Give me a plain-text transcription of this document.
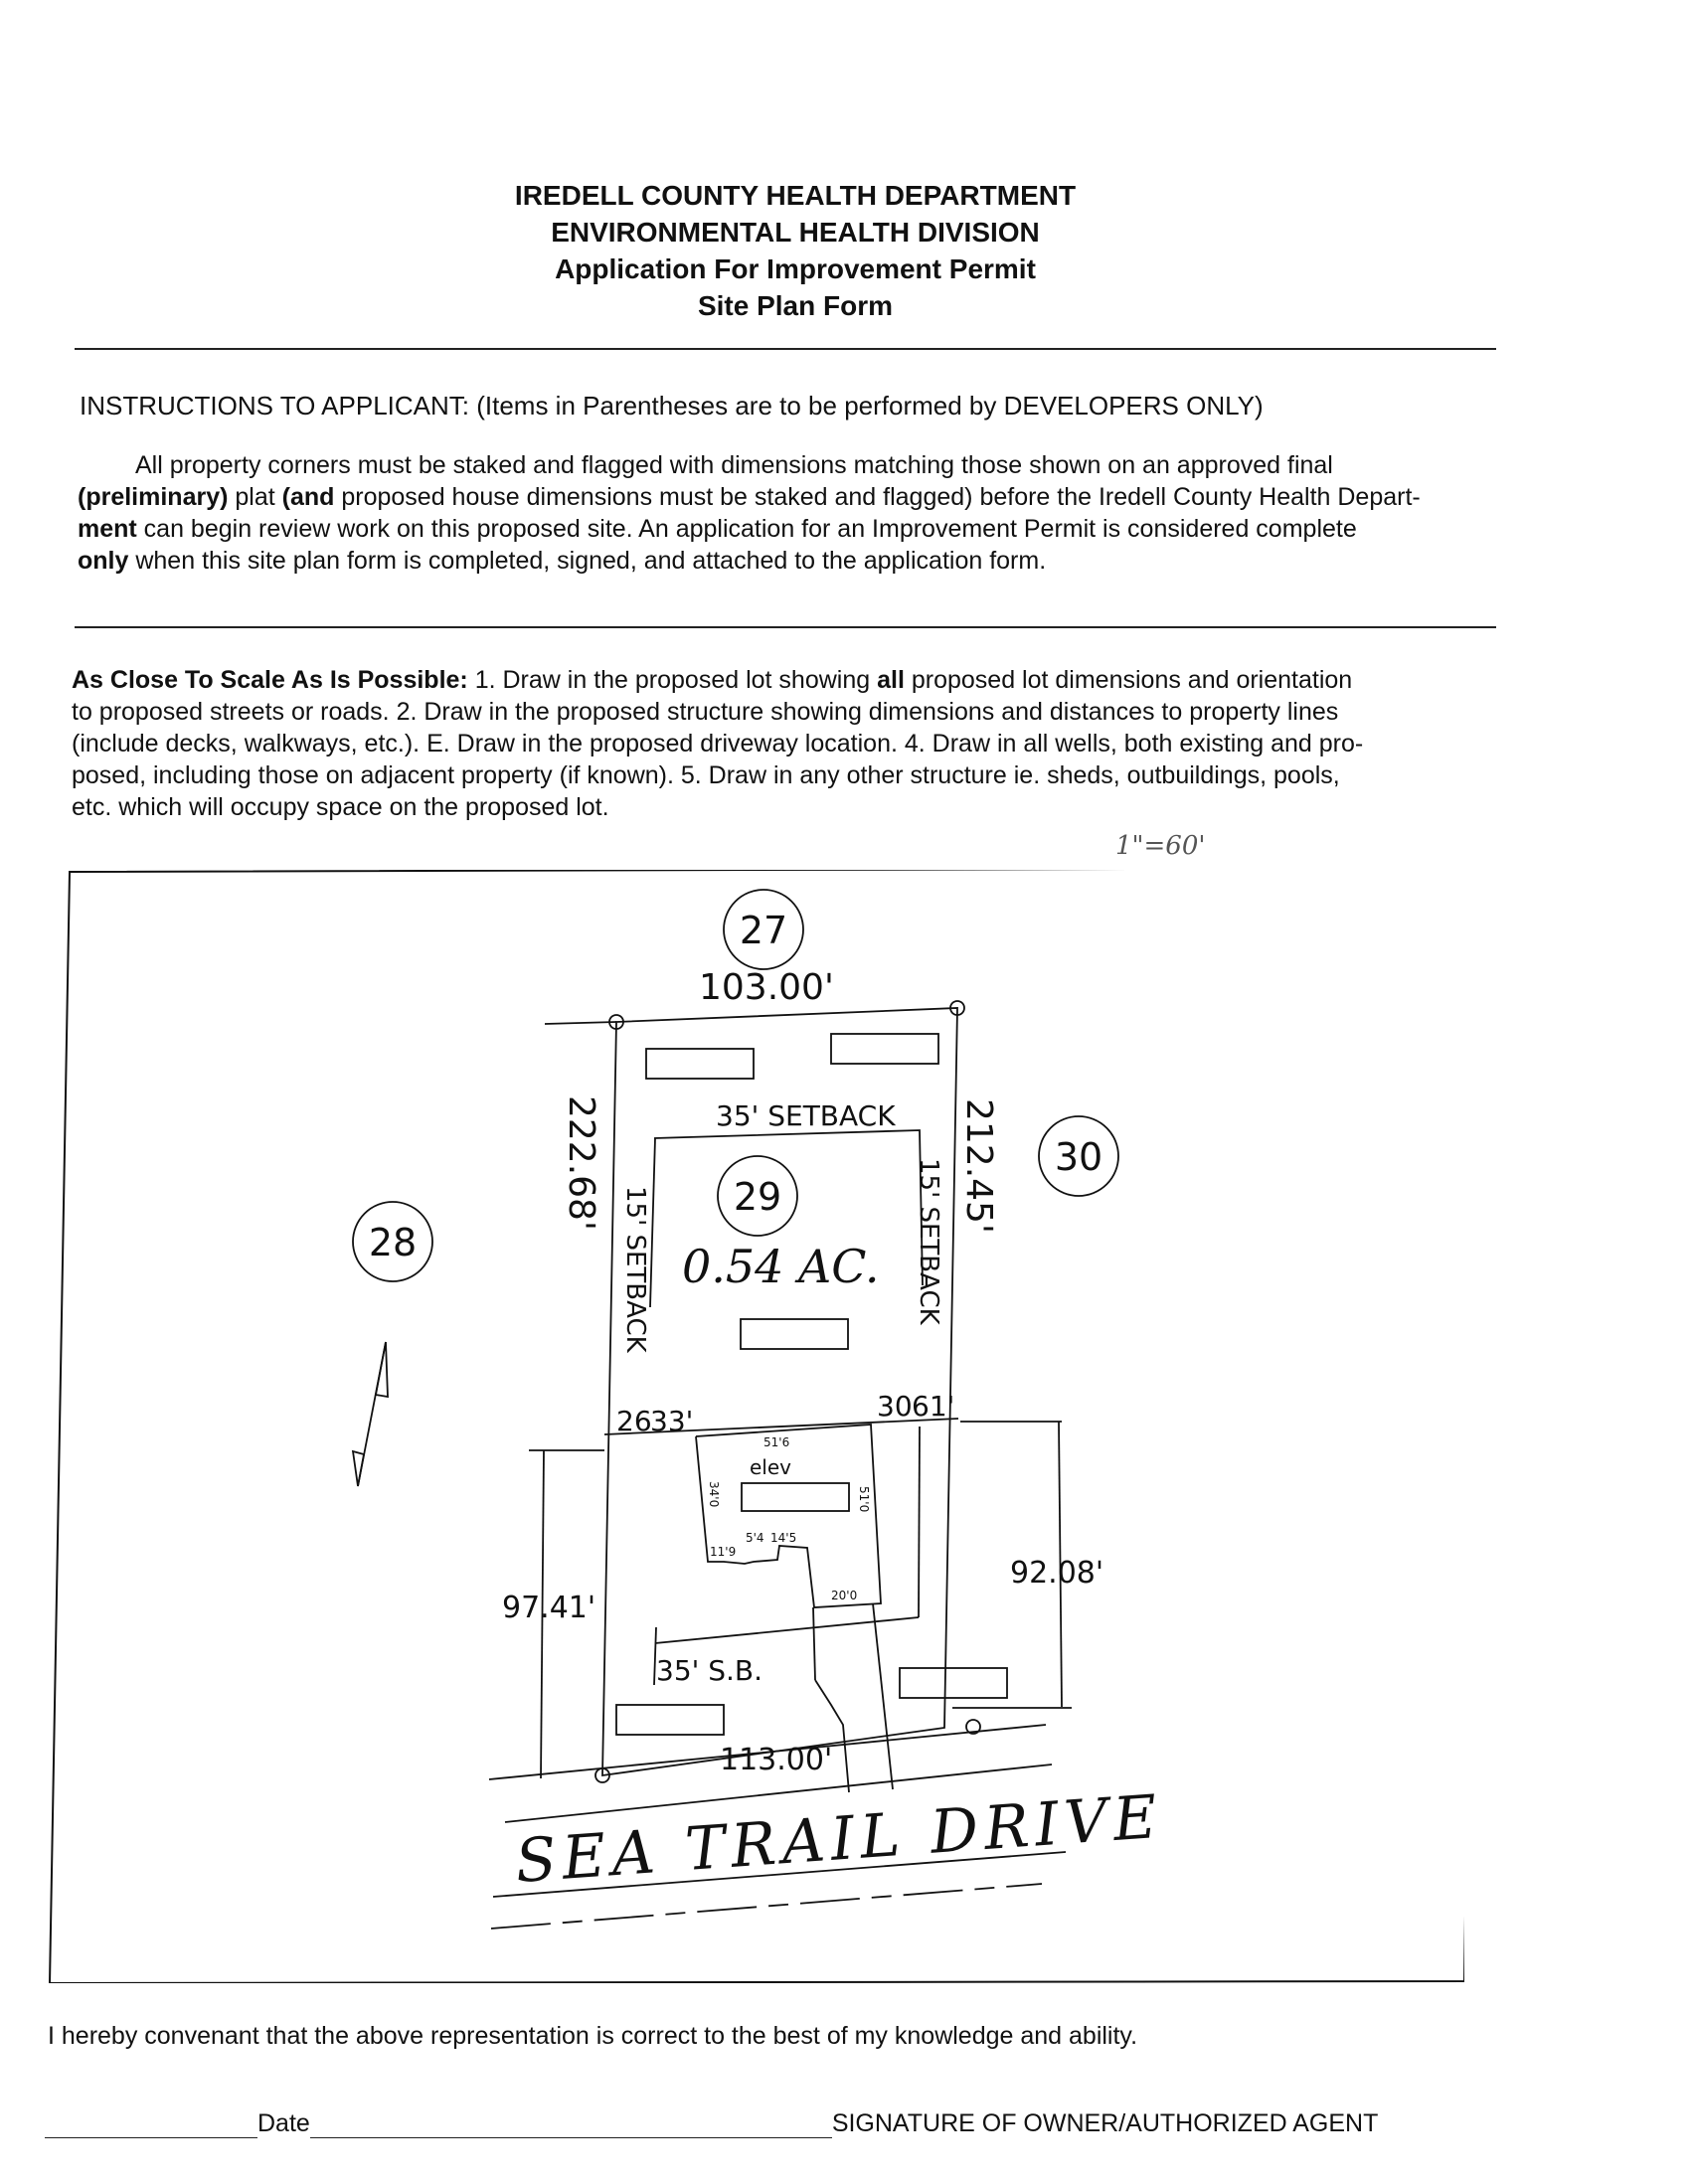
IREDELL COUNTY HEALTH DEPARTMENT
ENVIRONMENTAL HEALTH DIVISION
Application For Improvement Permit
Site Plan Form
INSTRUCTIONS TO APPLICANT: (Items in Parentheses are to be performed by DEVELOPERS ONLY)
All property corners must be staked and flagged with dimensions matching those shown on an approved final
(preliminary) plat (and proposed house dimensions must be staked and flagged) before the Iredell County Health Depart-
ment can begin review work on this proposed site. An application for an Improvement Permit is considered complete
only when this site plan form is completed, signed, and attached to the application form.
As Close To Scale As Is Possible: 1. Draw in the proposed lot showing all proposed lot dimensions and orientation
to proposed streets or roads. 2. Draw in the proposed structure showing dimensions and distances to property lines
(include decks, walkways, etc.). E. Draw in the proposed driveway location. 4. Draw in all wells, both existing and pro-
posed, including those on adjacent property (if known). 5. Draw in any other structure ie. sheds, outbuildings, pools,
etc. which will occupy space on the proposed lot.
1"=60'
27
28
29
30
103.00'
222.68'	212.45'
113.00'
97.41'
92.08'
26
33'	30 61'
35' SETBACK
15' SETBACK	15' SETBACK
35' S.B.
0.54 AC.
elev
51'6
34'0	51'0
11'9
5'4 14'5
20'0
SEA TRAIL DRIVE
I hereby convenant that the above representation is correct to the best of my knowledge and ability.
Date	SIGNATURE OF OWNER/AUTHORIZED AGENT
